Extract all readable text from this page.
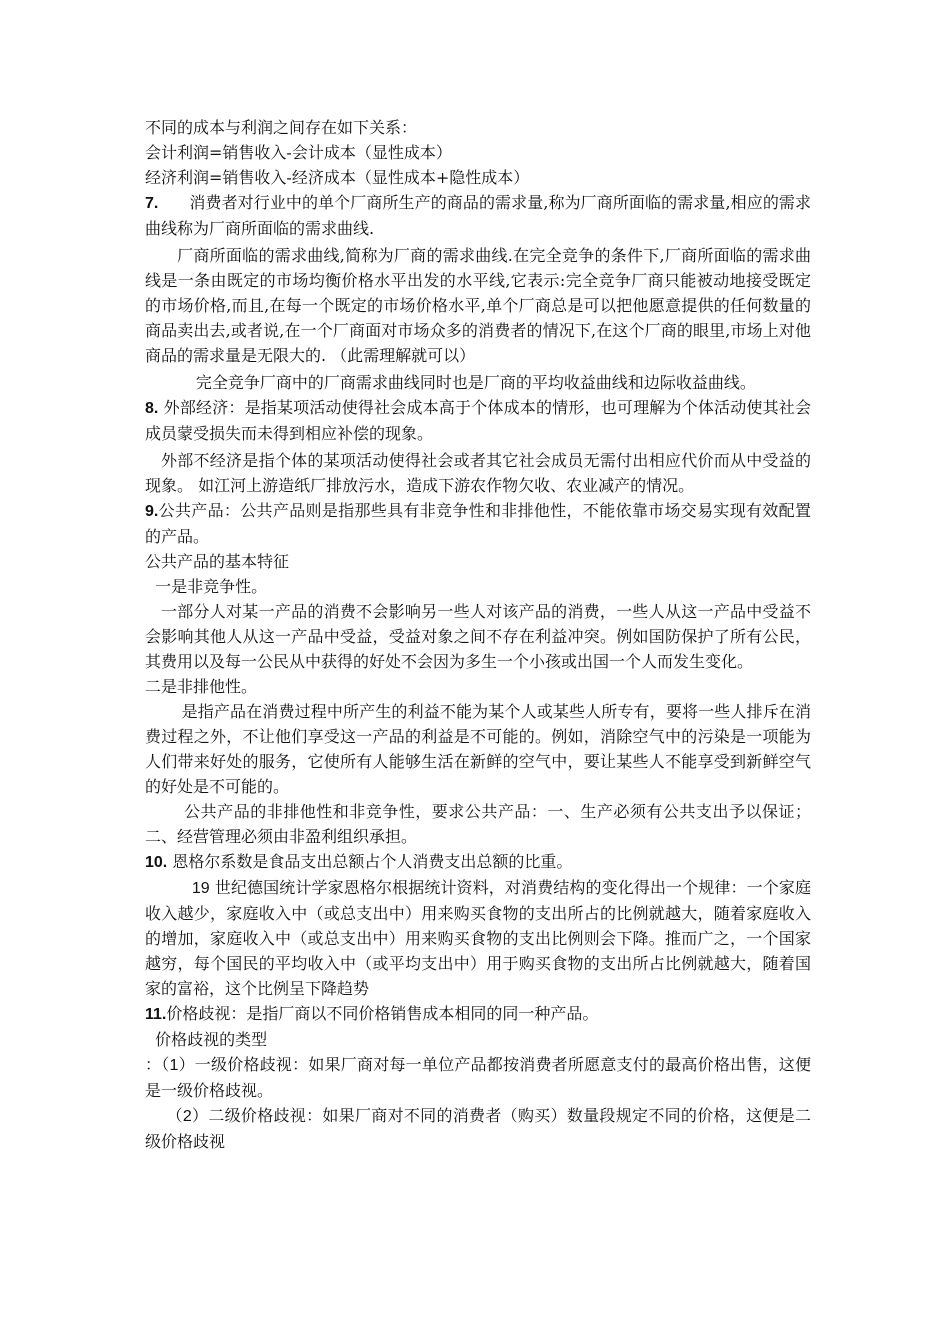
不同的成本与利润之间存在如下关系：

会计利润=销售收入-会计成本（显性成本）

经济利润=销售收入-经济成本（显性成本+隐性成本）

7. 消费者对行业中的单个厂商所生产的商品的需求量,称为厂商所面临的需求量,相应的需求曲线称为厂商所面临的需求曲线.

厂商所面临的需求曲线,简称为厂商的需求曲线.在完全竞争的条件下,厂商所面临的需求曲线是一条由既定的市场均衡价格水平出发的水平线,它表示:完全竞争厂商只能被动地接受既定的市场价格,而且,在每一个既定的市场价格水平,单个厂商总是可以把他愿意提供的任何数量的商品卖出去,或者说,在一个厂商面对市场众多的消费者的情况下,在这个厂商的眼里,市场上对他商品的需求量是无限大的. （此需理解就可以）

完全竞争厂商中的厂商需求曲线同时也是厂商的平均收益曲线和边际收益曲线。

8. 外部经济：是指某项活动使得社会成本高于个体成本的情形，也可理解为个体活动使其社会成员蒙受损失而未得到相应补偿的现象。

外部不经济是指个体的某项活动使得社会或者其它社会成员无需付出相应代价而从中受益的现象。 如江河上游造纸厂排放污水，造成下游农作物欠收、农业减产的情况。

9.公共产品：公共产品则是指那些具有非竞争性和非排他性，不能依靠市场交易实现有效配置的产品。

公共产品的基本特征

一是非竞争性。

一部分人对某一产品的消费不会影响另一些人对该产品的消费，一些人从这一产品中受益不会影响其他人从这一产品中受益，受益对象之间不存在利益冲突。例如国防保护了所有公民，其费用以及每一公民从中获得的好处不会因为多生一个小孩或出国一个人而发生变化。

二是非排他性。

是指产品在消费过程中所产生的利益不能为某个人或某些人所专有，要将一些人排斥在消费过程之外，不让他们享受这一产品的利益是不可能的。例如，消除空气中的污染是一项能为人们带来好处的服务，它使所有人能够生活在新鲜的空气中，要让某些人不能享受到新鲜空气的好处是不可能的。

公共产品的非排他性和非竞争性，要求公共产品：一、生产必须有公共支出予以保证；二、经营管理必须由非盈利组织承担。

10. 恩格尔系数是食品支出总额占个人消费支出总额的比重。

19 世纪德国统计学家恩格尔根据统计资料，对消费结构的变化得出一个规律：一个家庭收入越少，家庭收入中（或总支出中）用来购买食物的支出所占的比例就越大，随着家庭收入的增加，家庭收入中（或总支出中）用来购买食物的支出比例则会下降。推而广之，一个国家越穷，每个国民的平均收入中（或平均支出中）用于购买食物的支出所占比例就越大，随着国家的富裕，这个比例呈下降趋势

11.价格歧视：是指厂商以不同价格销售成本相同的同一种产品。

价格歧视的类型

：（1）一级价格歧视：如果厂商对每一单位产品都按消费者所愿意支付的最高价格出售，这便是一级价格歧视。

（2）二级价格歧视：如果厂商对不同的消费者（购买）数量段规定不同的价格，这便是二级价格歧视
